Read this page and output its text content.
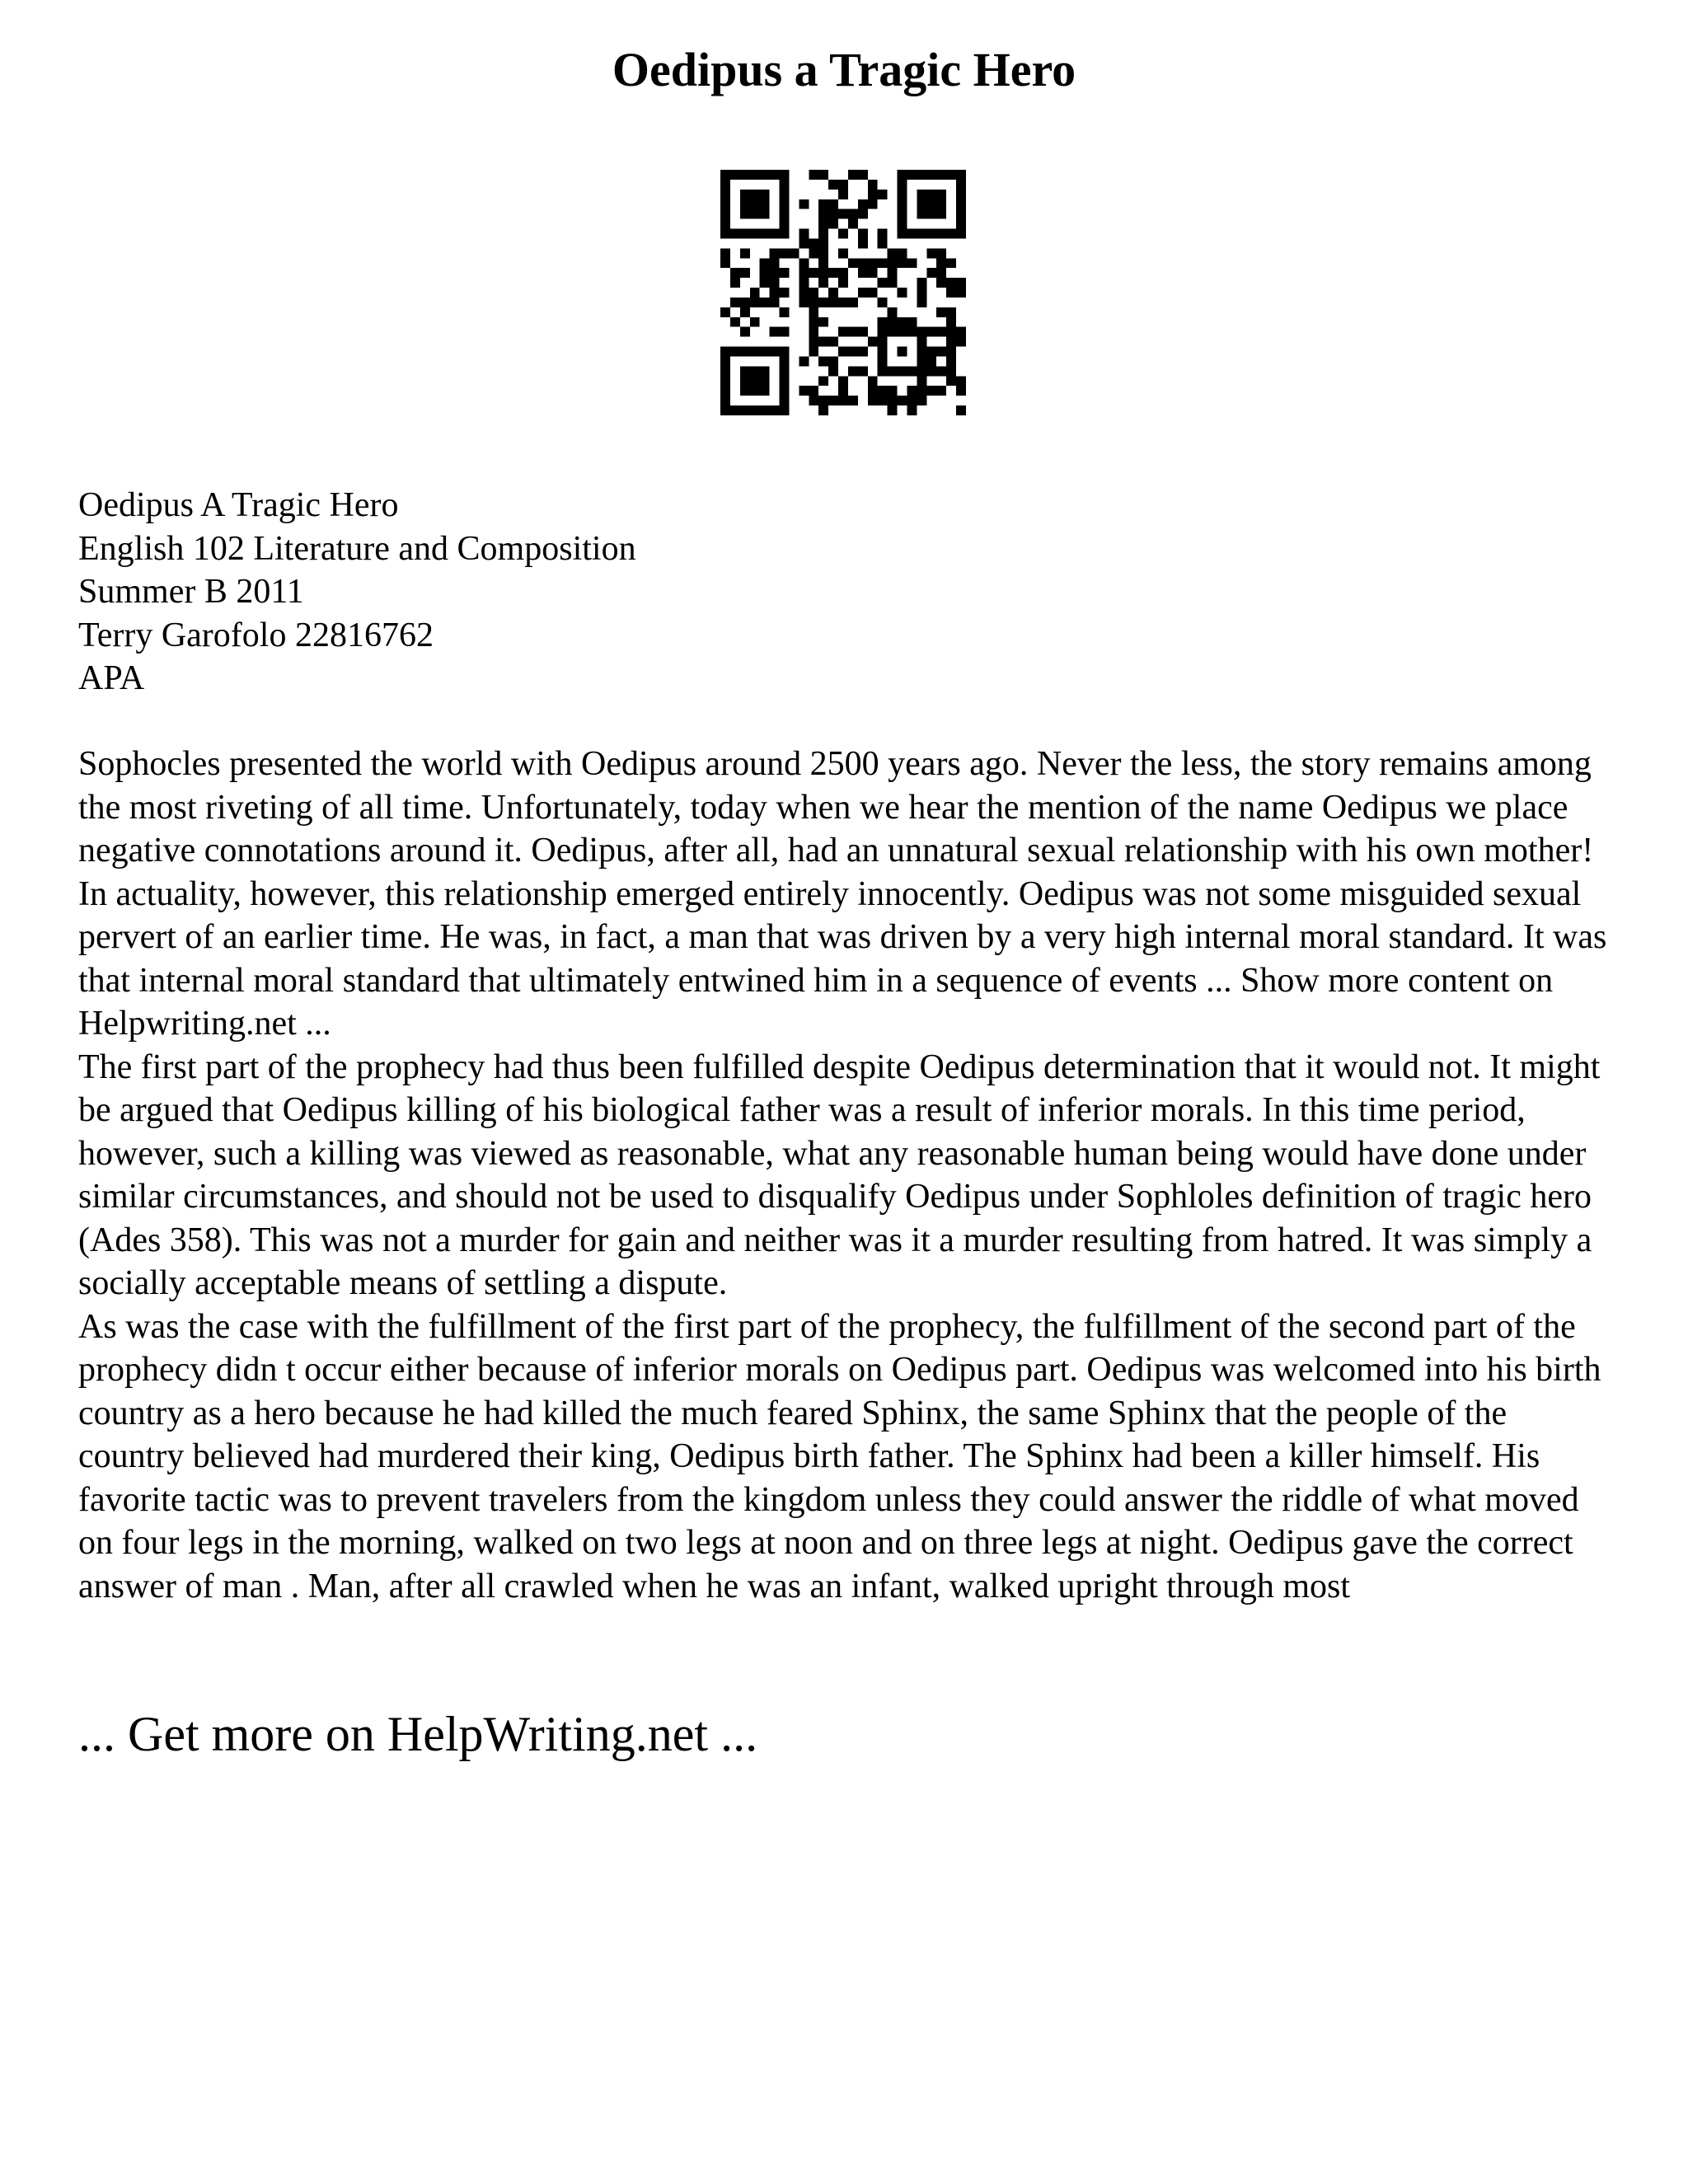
Oedipus a Tragic Hero
Oedipus A Tragic Hero
English 102 Literature and Composition
Summer B 2011
Terry Garofolo 22816762
APA

Sophocles presented the world with Oedipus around 2500 years ago. Never the less, the story remains among the most riveting of all time. Unfortunately, today when we hear the mention of the name Oedipus we place negative connotations around it. Oedipus, after all, had an unnatural sexual relationship with his own mother! In actuality, however, this relationship emerged entirely innocently. Oedipus was not some misguided sexual pervert of an earlier time. He was, in fact, a man that was driven by a very high internal moral standard. It was that internal moral standard that ultimately entwined him in a sequence of events ... Show more content on Helpwriting.net ...

The first part of the prophecy had thus been fulfilled despite Oedipus determination that it would not. It might be argued that Oedipus killing of his biological father was a result of inferior morals. In this time period, however, such a killing was viewed as reasonable, what any reasonable human being would have done under similar circumstances, and should not be used to disqualify Oedipus under Sophloles definition of tragic hero (Ades 358). This was not a murder for gain and neither was it a murder resulting from hatred. It was simply a socially acceptable means of settling a dispute.

As was the case with the fulfillment of the first part of the prophecy, the fulfillment of the second part of the prophecy didn t occur either because of inferior morals on Oedipus part. Oedipus was welcomed into his birth country as a hero because he had killed the much feared Sphinx, the same Sphinx that the people of the country believed had murdered their king, Oedipus birth father. The Sphinx had been a killer himself. His favorite tactic was to prevent travelers from the kingdom unless they could answer the riddle of what moved on four legs in the morning, walked on two legs at noon and on three legs at night. Oedipus gave the correct answer of man . Man, after all crawled when he was an infant, walked upright through most

... Get more on HelpWriting.net ...
